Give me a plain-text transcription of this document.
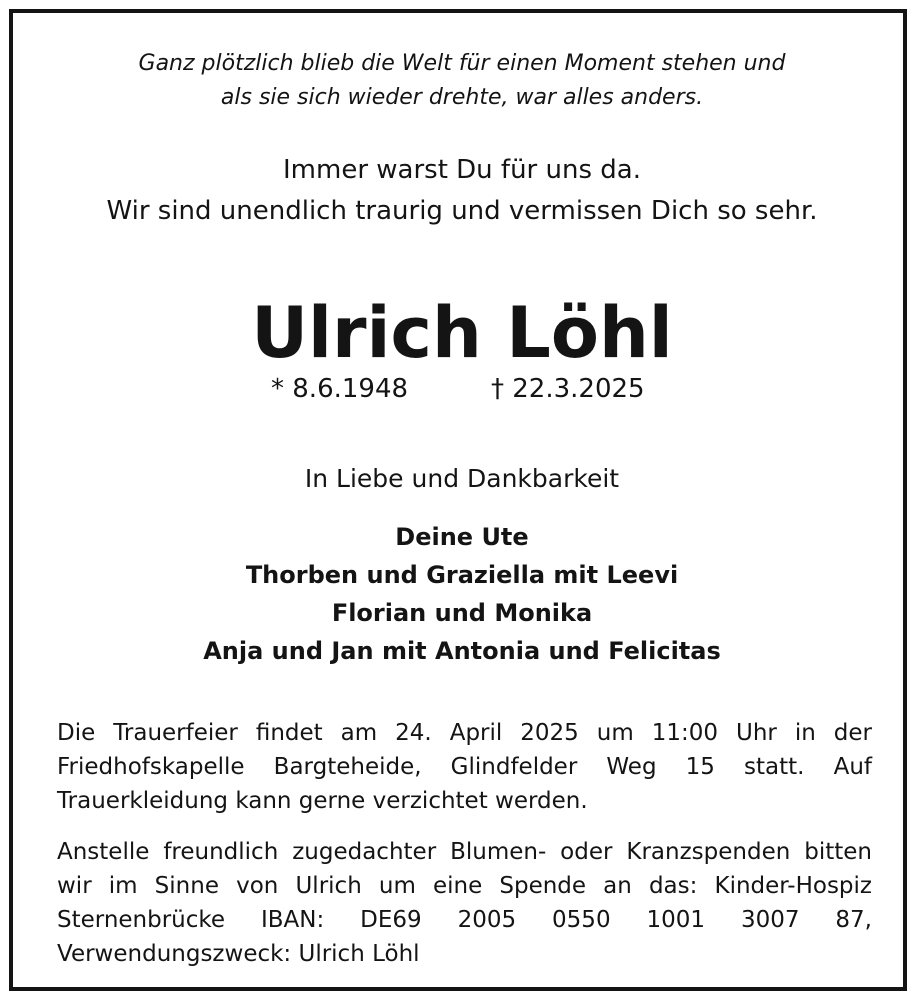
Ganz plötzlich blieb die Welt für einen Moment stehen und
als sie sich wieder drehte, war alles anders.
Immer warst Du für uns da.
Wir sind unendlich traurig und vermissen Dich so sehr.
Ulrich Löhl
* 8.6.1948	† 22.3.2025
In Liebe und Dankbarkeit
Deine Ute
Thorben und Graziella mit Leevi
Florian und Monika
Anja und Jan mit Antonia und Felicitas
Die Trauerfeier findet am 24. April 2025 um 11:00 Uhr in der Friedhofskapelle Bargteheide, Glindfelder Weg 15 statt. Auf Trauerkleidung kann gerne verzichtet werden.
Anstelle freundlich zugedachter Blumen- oder Kranzspenden bitten wir im Sinne von Ulrich um eine Spende an das: Kinder-Hospiz Sternenbrücke IBAN: DE69 2005 0550 1001 3007 87, Verwendungszweck: Ulrich Löhl
